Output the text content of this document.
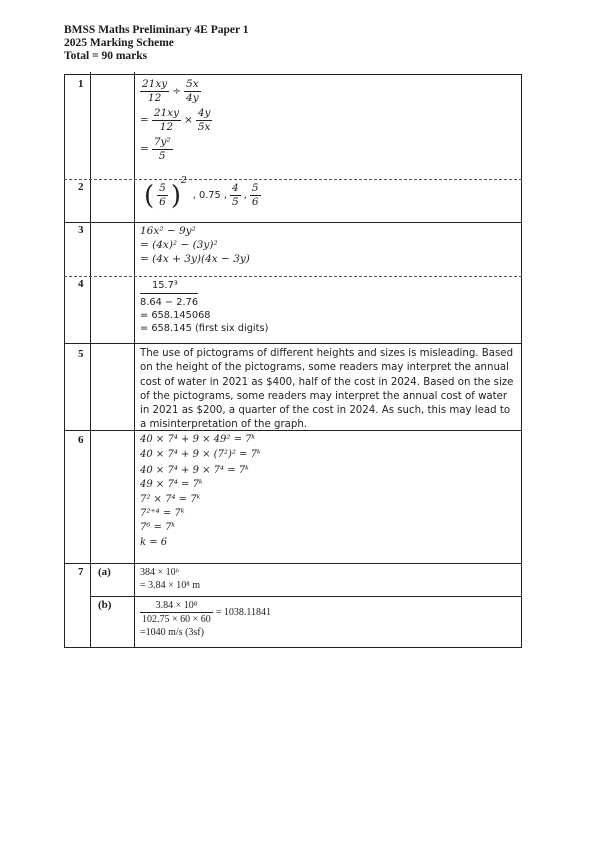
BMSS Maths Preliminary 4E Paper 1
2025 Marking Scheme
Total = 90 marks
1
2
3
4
5
6
7 (a)
(b)
$\frac{21xy}{12} \div \frac{5x}{4y}$
= $\frac{21xy}{12} \times \frac{4y}{5x}$
= $\frac{\text{7y²}}{5}$
( $\frac{5}{6}$ ) 2
, 0.75 , $\frac{4}{5}$ , $\frac{5}{6}$
16x² − 9y²
= (4x)² − (3y)²
= (4x + 3y)(4x − 3y)
$\frac{\text{15.7³}}{8.64 - 2.76}$
= 658.145068
= 658.145 (first six digits)
The use of pictograms of different heights and sizes is misleading. Based on the height of the pictograms, some readers may interpret the annual cost of water in 2021 as $400, half of the cost in 2024. Based on the size of the pictograms, some readers may interpret the annual cost of water in 2021 as $200, a quarter of the cost in 2024. As such, this may lead to a misinterpretation of the graph.
40 × 7⁴ + 9 × 49² = 7ᵏ
40 × 7⁴ + 9 × (7²)² = 7ᵏ
40 × 7⁴ + 9 × 7⁴ = 7ᵏ
49 × 7⁴ = 7ᵏ
7² × 7⁴ = 7ᵏ
7²⁺⁴ = 7ᵏ
7⁶ = 7ᵏ
k = 6
384 × 10⁶
= 3.84 × 10⁸ m
$\frac{\text{3.84 × 10⁸}}{102.75 \times 60 \times 60} = 1038.11841$
=1040 m/s (3sf)
